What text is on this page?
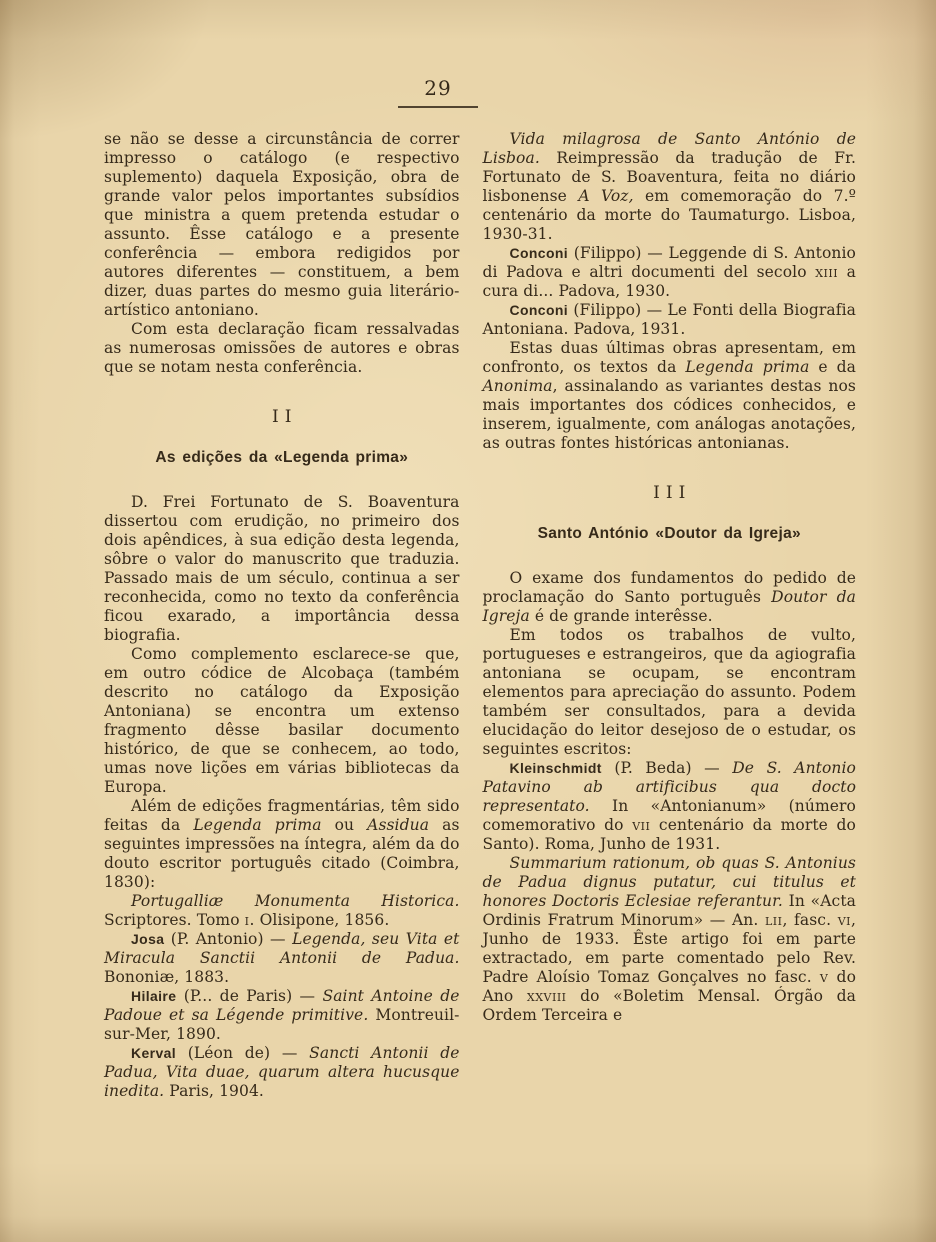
29

se não se desse a circunstância de correr impresso o catálogo (e respectivo suplemento) daquela Exposição, obra de grande valor pelos importantes subsídios que ministra a quem pretenda estudar o assunto. Êsse catálogo e a presente conferência — embora redigidos por autores diferentes — constituem, a bem dizer, duas partes do mesmo guia literário-artístico antoniano.

Com esta declaração ficam ressalvadas as numerosas omissões de autores e obras que se notam nesta conferência.

II
As edições da «Legenda prima»

D. Frei Fortunato de S. Boaventura dissertou com erudição, no primeiro dos dois apêndices, à sua edição desta legenda, sôbre o valor do manuscrito que traduzia. Passado mais de um século, continua a ser reconhecida, como no texto da conferência ficou exarado, a importância dessa biografia.

Como complemento esclarece-se que, em outro códice de Alcobaça (também descrito no catálogo da Exposição Antoniana) se encontra um extenso fragmento dêsse basilar documento histórico, de que se conhecem, ao todo, umas nove lições em várias bibliotecas da Europa.

Além de edições fragmentárias, têm sido feitas da Legenda prima ou Assidua as seguintes impressões na íntegra, além da do douto escritor português citado (Coimbra, 1830):

Portugalliæ Monumenta Historica. Scriptores. Tomo i. Olisipone, 1856.

Josa (P. Antonio) — Legenda, seu Vita et Miracula Sanctii Antonii de Padua. Bononiæ, 1883.

Hilaire (P... de Paris) — Saint Antoine de Padoue et sa Légende primitive. Montreuil-sur-Mer, 1890.

Kerval (Léon de) — Sancti Antonii de Padua, Vita duae, quarum altera hucusque inedita. Paris, 1904.

Vida milagrosa de Santo António de Lisboa. Reimpressão da tradução de Fr. Fortunato de S. Boaventura, feita no diário lisbonense A Voz, em comemoração do 7.º centenário da morte do Taumaturgo. Lisboa, 1930-31.

Conconi (Filippo) — Leggende di S. Antonio di Padova e altri documenti del secolo xiii a cura di... Padova, 1930.

Conconi (Filippo) — Le Fonti della Biografia Antoniana. Padova, 1931.

Estas duas últimas obras apresentam, em confronto, os textos da Legenda prima e da Anonima, assinalando as variantes destas nos mais importantes dos códices conhecidos, e inserem, igualmente, com análogas anotações, as outras fontes históricas antonianas.

III
Santo António «Doutor da Igreja»

O exame dos fundamentos do pedido de proclamação do Santo português Doutor da Igreja é de grande interêsse.

Em todos os trabalhos de vulto, portugueses e estrangeiros, que da agiografia antoniana se ocupam, se encontram elementos para apreciação do assunto. Podem também ser consultados, para a devida elucidação do leitor desejoso de o estudar, os seguintes escritos:

Kleinschmidt (P. Beda) — De S. Antonio Patavino ab artificibus qua docto representato. In «Antonianum» (número comemorativo do vii centenário da morte do Santo). Roma, Junho de 1931.

Summarium rationum, ob quas S. Antonius de Padua dignus putatur, cui titulus et honores Doctoris Eclesiae referantur. In «Acta Ordinis Fratrum Minorum» — An. lii, fasc. vi, Junho de 1933. Êste artigo foi em parte extractado, em parte comentado pelo Rev. Padre Aloísio Tomaz Gonçalves no fasc. v do Ano xxviii do «Boletim Mensal. Órgão da Ordem Terceira e
